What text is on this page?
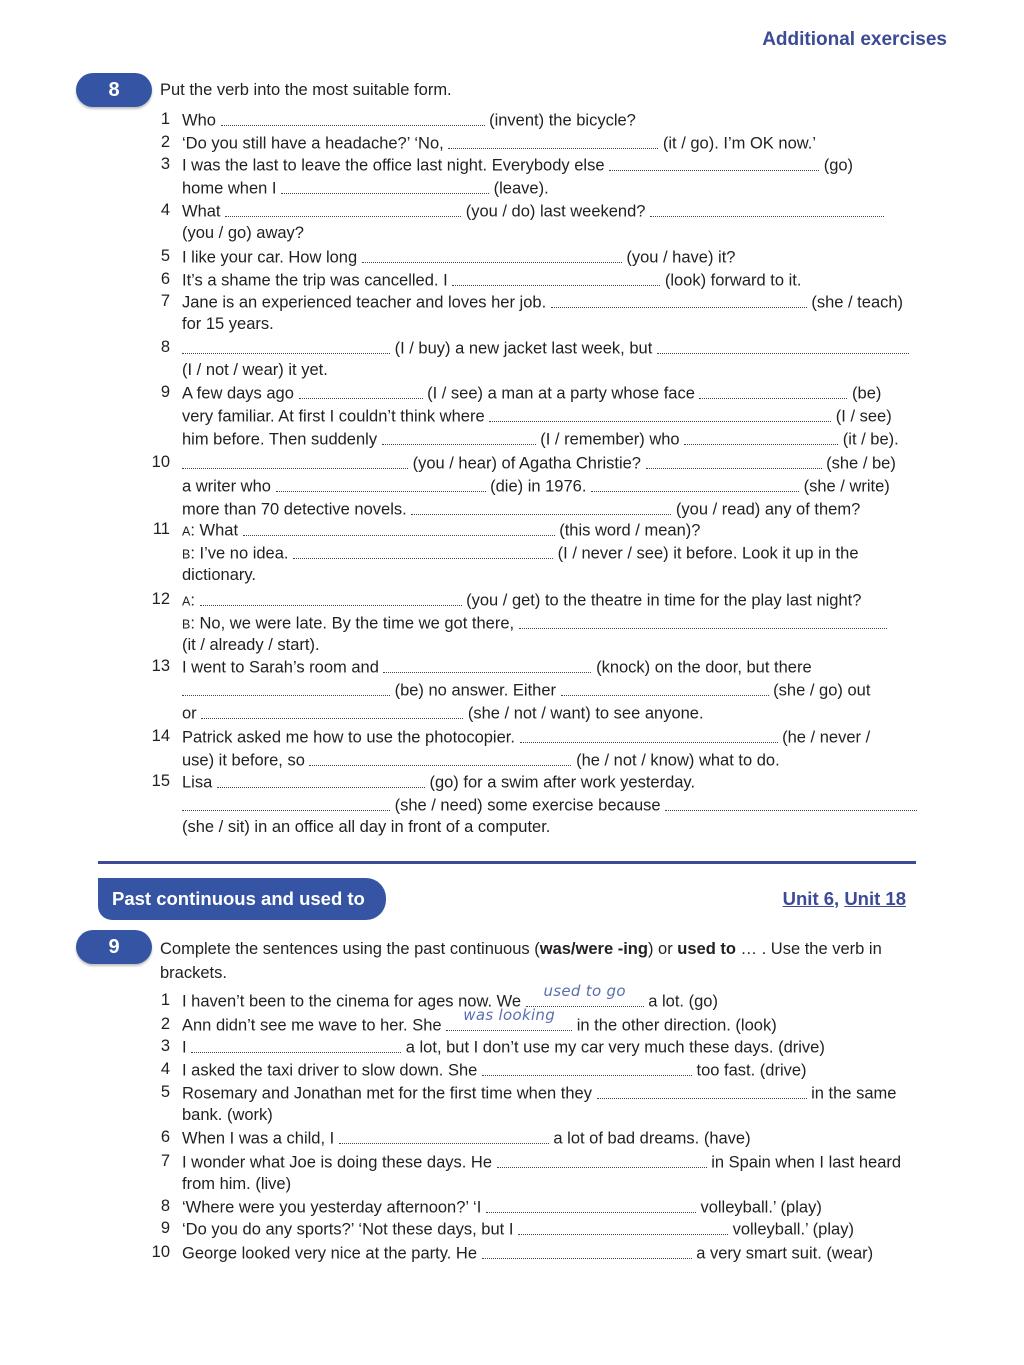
Additional exercises
8	Put the verb into the most suitable form.
1 Who	(invent) the bicycle?
2 ‘Do you still have a headache?’ ‘No,	(it / go). I’m OK now.’
3 I was the last to leave the office last night. Everybody else	(go)
home when I	(leave).
4 What	(you / do) last weekend?
(you / go) away?
5 I like your car. How long	(you / have) it?
6 It’s a shame the trip was cancelled. I	(look) forward to it.
7 Jane is an experienced teacher and loves her job.	(she / teach)
for 15 years.
8	(I / buy) a new jacket last week, but
(I / not / wear) it yet.
9 A few days ago	(I / see) a man at a party whose face	(be)
very familiar. At first I couldn’t think where	(I / see)
him before. Then suddenly	(I / remember) who	(it / be).
10	(you / hear) of Agatha Christie?	(she / be)
a writer who	(die) in 1976.	(she / write)
more than 70 detective novels.	(you / read) any of them?
11 A: What	(this word / mean)?
B: I’ve no idea.	(I / never / see) it before. Look it up in the
dictionary.
12 A:	(you / get) to the theatre in time for the play last night?
B: No, we were late. By the time we got there,
(it / already / start).
13 I went to Sarah’s room and	(knock) on the door, but there
(be) no answer. Either	(she / go) out
or	(she / not / want) to see anyone.
14 Patrick asked me how to use the photocopier.	(he / never /
use) it before, so	(he / not / know) what to do.
15 Lisa	(go) for a swim after work yesterday.
(she / need) some exercise because
(she / sit) in an office all day in front of a computer.
Past continuous and used to	Unit 6, Unit 18
9	Complete the sentences using the past continuous (was/were -ing) or used to … . Use the verb in brackets.
1 I haven’t been to the cinema for ages now. We
used to go
a lot. (go)
2 Ann didn’t see me wave to her. She
was looking
in the other direction. (look)
3 I	a lot, but I don’t use my car very much these days. (drive)
4 I asked the taxi driver to slow down. She	too fast. (drive)
5 Rosemary and Jonathan met for the first time when they	in the same
bank. (work)
6 When I was a child, I	a lot of bad dreams. (have)
7 I wonder what Joe is doing these days. He	in Spain when I last heard
from him. (live)
8 ‘Where were you yesterday afternoon?’ ‘I	volleyball.’ (play)
9 ‘Do you do any sports?’ ‘Not these days, but I	volleyball.’ (play)
10 George looked very nice at the party. He	a very smart suit. (wear)
